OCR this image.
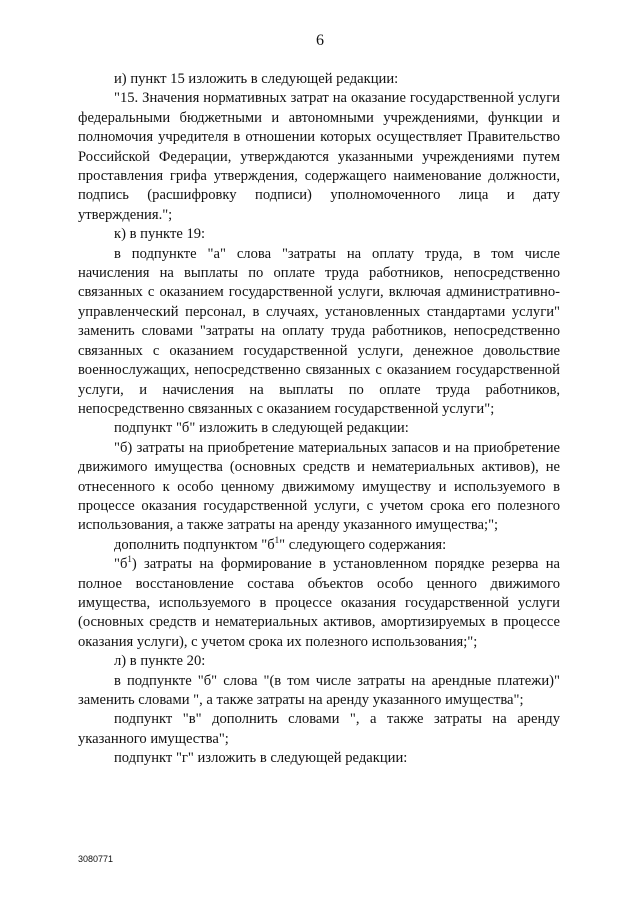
6

и) пункт 15 изложить в следующей редакции:

"15. Значения нормативных затрат на оказание государственной услуги федеральными бюджетными и автономными учреждениями, функции и полномочия учредителя в отношении которых осуществляет Правительство Российской Федерации, утверждаются указанными учреждениями путем проставления грифа утверждения, содержащего наименование должности, подпись (расшифровку подписи) уполномоченного лица и дату утверждения.";

к) в пункте 19:

в подпункте "а" слова "затраты на оплату труда, в том числе начисления на выплаты по оплате труда работников, непосредственно связанных с оказанием государственной услуги, включая административно-управленческий персонал, в случаях, установленных стандартами услуги" заменить словами "затраты на оплату труда работников, непосредственно связанных с оказанием государственной услуги, денежное довольствие военнослужащих, непосредственно связанных с оказанием государственной услуги, и начисления на выплаты по оплате труда работников, непосредственно связанных с оказанием государственной услуги";

подпункт "б" изложить в следующей редакции:

"б) затраты на приобретение материальных запасов и на приобретение движимого имущества (основных средств и нематериальных активов), не отнесенного к особо ценному движимому имуществу и используемого в процессе оказания государственной услуги, с учетом срока его полезного использования, а также затраты на аренду указанного имущества;";

дополнить подпунктом "$б^1$" следующего содержания:

"$б^1$) затраты на формирование в установленном порядке резерва на полное восстановление состава объектов особо ценного движимого имущества, используемого в процессе оказания государственной услуги (основных средств и нематериальных активов, амортизируемых в процессе оказания услуги), с учетом срока их полезного использования;";

л) в пункте 20:

в подпункте "б" слова "(в том числе затраты на арендные платежи)" заменить словами ", а также затраты на аренду указанного имущества";

подпункт "в" дополнить словами ", а также затраты на аренду указанного имущества";

подпункт "г" изложить в следующей редакции:

3080771
